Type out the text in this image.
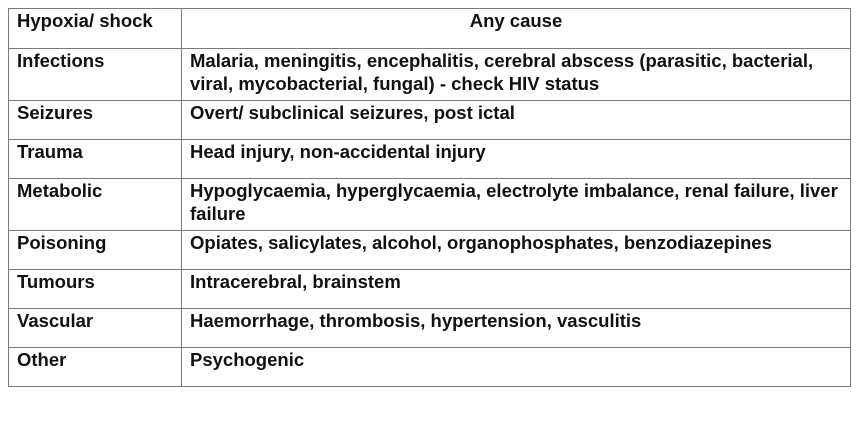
Hypoxia/ shock	Any cause
Infections	Malaria, meningitis, encephalitis, cerebral abscess (parasitic, bacterial, viral, mycobacterial, fungal) - check HIV status
Seizures	Overt/ subclinical seizures, post ictal
Trauma	Head injury, non-accidental injury
Metabolic	Hypoglycaemia, hyperglycaemia, electrolyte imbalance, renal failure, liver failure
Poisoning	Opiates, salicylates, alcohol, organophosphates, benzodiazepines
Tumours	Intracerebral, brainstem
Vascular	Haemorrhage, thrombosis, hypertension, vasculitis
Other	Psychogenic
